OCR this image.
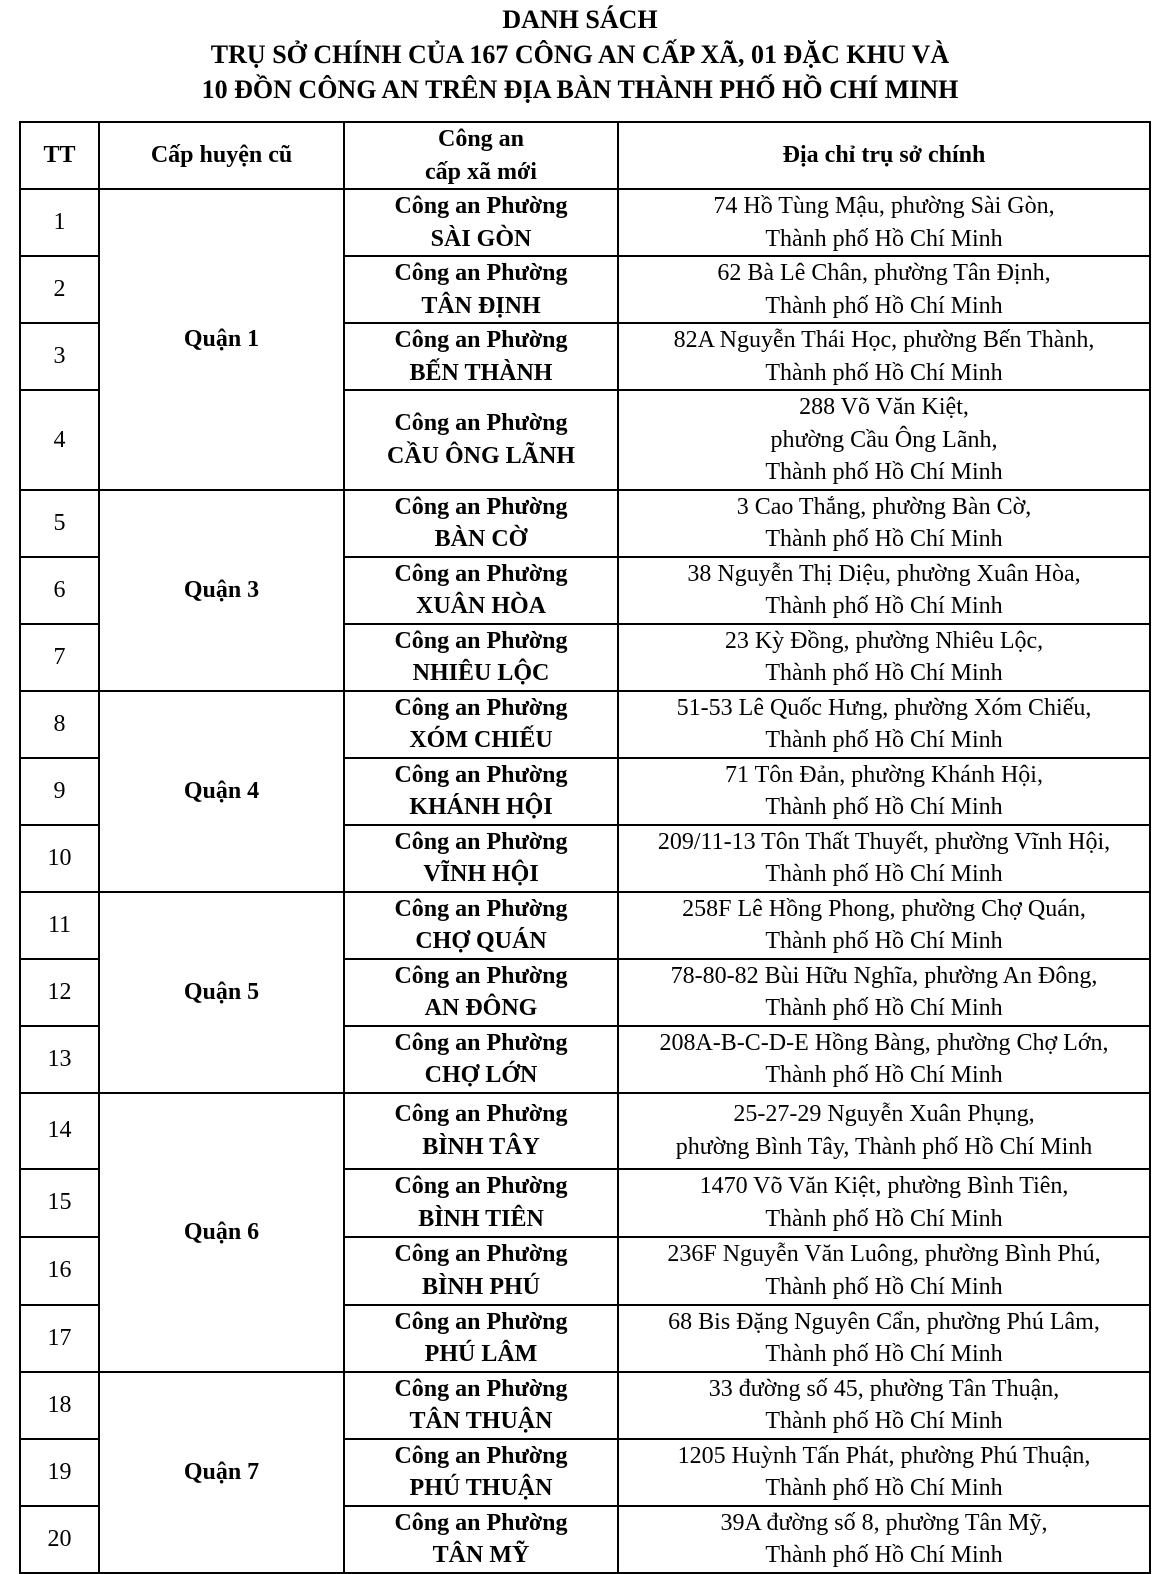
DANH SÁCH
TRỤ SỞ CHÍNH CỦA 167 CÔNG AN CẤP XÃ, 01 ĐẶC KHU VÀ
10 ĐỒN CÔNG AN TRÊN ĐỊA BÀN THÀNH PHỐ HỒ CHÍ MINH
TT	Cấp huyện cũ	Công an
cấp xã mới	Địa chỉ trụ sở chính
1	Quận 1	Công an Phường
SÀI GÒN	74 Hồ Tùng Mậu, phường Sài Gòn,
Thành phố Hồ Chí Minh

2		Công an Phường
TÂN ĐỊNH	62 Bà Lê Chân, phường Tân Định,
Thành phố Hồ Chí Minh

3		Công an Phường
BẾN THÀNH	82A Nguyễn Thái Học, phường Bến Thành,
Thành phố Hồ Chí Minh

4		Công an Phường
CẦU ÔNG LÃNH	288 Võ Văn Kiệt,
phường Cầu Ông Lãnh,
Thành phố Hồ Chí Minh

5	Quận 3	Công an Phường
BÀN CỜ	3 Cao Thắng, phường Bàn Cờ,
Thành phố Hồ Chí Minh

6		Công an Phường
XUÂN HÒA	38 Nguyễn Thị Diệu, phường Xuân Hòa,
Thành phố Hồ Chí Minh

7		Công an Phường
NHIÊU LỘC	23 Kỳ Đồng, phường Nhiêu Lộc,
Thành phố Hồ Chí Minh

8	Quận 4	Công an Phường
XÓM CHIẾU	51-53 Lê Quốc Hưng, phường Xóm Chiếu,
Thành phố Hồ Chí Minh

9		Công an Phường
KHÁNH HỘI	71 Tôn Đản, phường Khánh Hội,
Thành phố Hồ Chí Minh

10		Công an Phường
VĨNH HỘI	209/11-13 Tôn Thất Thuyết, phường Vĩnh Hội,
Thành phố Hồ Chí Minh

11	Quận 5	Công an Phường
CHỢ QUÁN	258F Lê Hồng Phong, phường Chợ Quán,
Thành phố Hồ Chí Minh

12		Công an Phường
AN ĐÔNG	78-80-82 Bùi Hữu Nghĩa, phường An Đông,
Thành phố Hồ Chí Minh

13		Công an Phường
CHỢ LỚN	208A-B-C-D-E Hồng Bàng, phường Chợ Lớn,
Thành phố Hồ Chí Minh

14	Quận 6	Công an Phường
BÌNH TÂY	25-27-29 Nguyễn Xuân Phụng,
phường Bình Tây, Thành phố Hồ Chí Minh

15		Công an Phường
BÌNH TIÊN	1470 Võ Văn Kiệt, phường Bình Tiên,
Thành phố Hồ Chí Minh

16		Công an Phường
BÌNH PHÚ	236F Nguyễn Văn Luông, phường Bình Phú,
Thành phố Hồ Chí Minh

17		Công an Phường
PHÚ LÂM	68 Bis Đặng Nguyên Cẩn, phường Phú Lâm,
Thành phố Hồ Chí Minh

18	Quận 7	Công an Phường
TÂN THUẬN	33 đường số 45, phường Tân Thuận,
Thành phố Hồ Chí Minh

19		Công an Phường
PHÚ THUẬN	1205 Huỳnh Tấn Phát, phường Phú Thuận,
Thành phố Hồ Chí Minh

20		Công an Phường
TÂN MỸ	39A đường số 8, phường Tân Mỹ,
Thành phố Hồ Chí Minh
